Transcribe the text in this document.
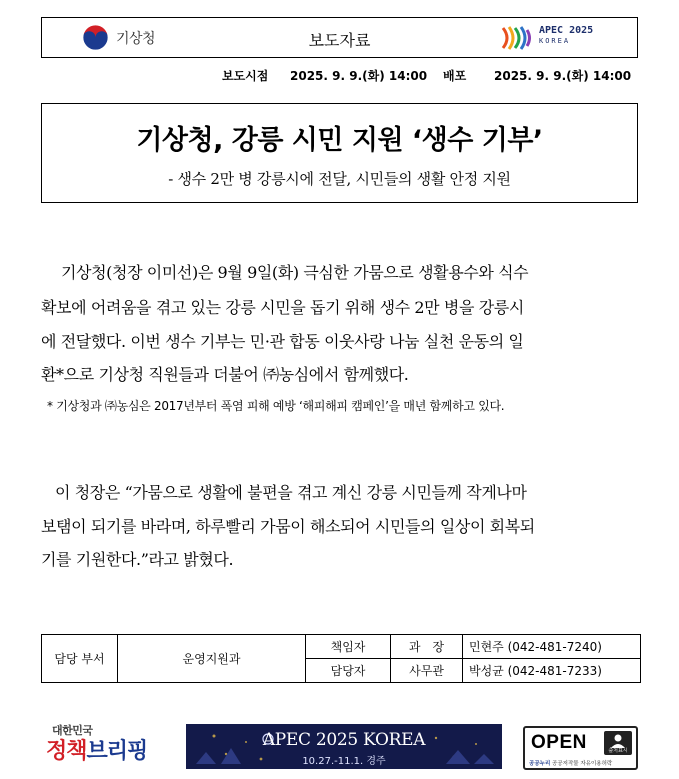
기상청	보도자료
APEC 2025
KOREA
보도시점 2025. 9. 9.(화) 14:00 배포 2025. 9. 9.(화) 14:00
기상청, 강릉 시민 지원 ‘생수 기부’
- 생수 2만 병 강릉시에 전달, 시민들의 생활 안정 지원
기상청(청장 이미선)은 9월 9일(화) 극심한 가뭄으로 생활용수와 식수
확보에 어려움을 겪고 있는 강릉 시민을 돕기 위해 생수 2만 병을 강릉시
에 전달했다. 이번 생수 기부는 민·관 합동 이웃사랑 나눔 실천 운동의 일
환*으로 기상청 직원들과 더불어 ㈜농심에서 함께했다.
* 기상청과 ㈜농심은 2017년부터 폭염 피해 예방 ‘해피해피 캠페인’을 매년 함께하고 있다.
이 청장은 “가뭄으로 생활에 불편을 겪고 계신 강릉 시민들께 작게나마
보탬이 되기를 바라며, 하루빨리 가뭄이 해소되어 시민들의 일상이 회복되
기를 기원한다.”라고 밝혔다.
담당 부서	운영지원과	책임자	과　장	민현주 (042-481-7240)
		담당자	사무관	박성균 (042-481-7233)
대한민국
정책브리핑	APEC 2025 KOREA
10.27.-11.1. 경주
OPEN	출처표시
공공누리 공공저작물 자유이용허락
